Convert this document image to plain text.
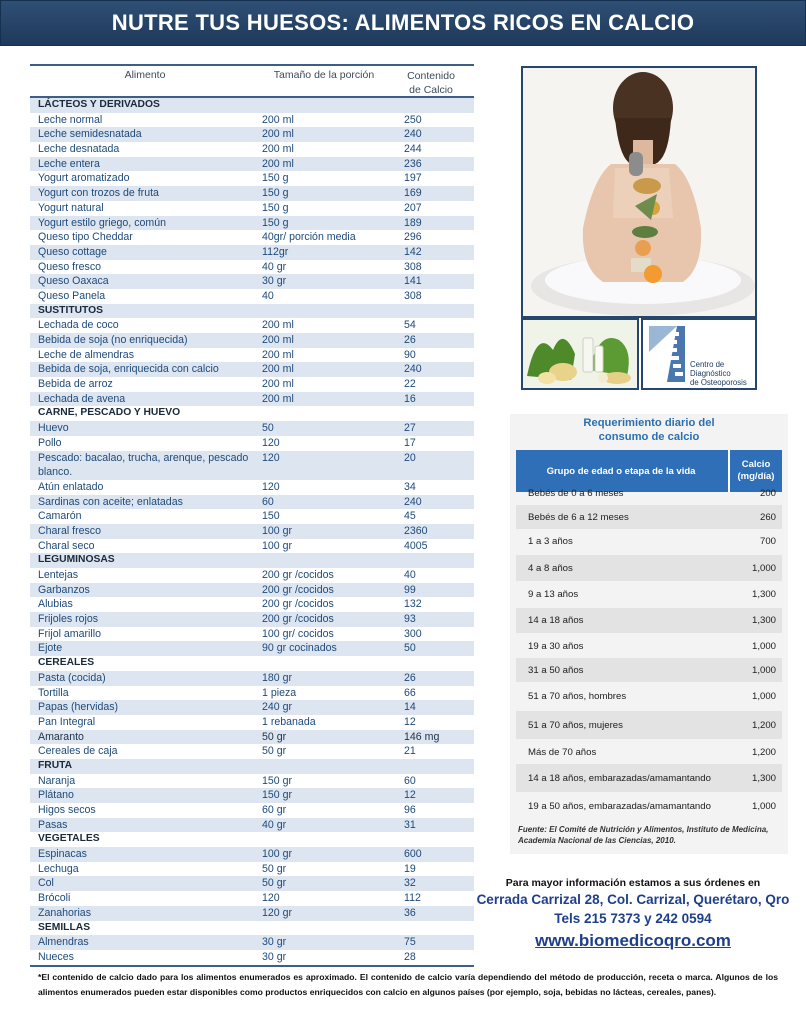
NUTRE TUS HUESOS: ALIMENTOS RICOS EN CALCIO
Alimento	Tamaño de la porción	Contenido
de Calcio
LÁCTEOS Y DERIVADOS
Leche normal	200 ml	250
Leche semidesnatada	200 ml	240
Leche desnatada	200 ml	244
Leche entera	200 ml	236
Yogurt aromatizado	150 g	197
Yogurt con trozos de fruta	150 g	169
Yogurt natural	150 g	207
Yogurt estilo griego, común	150 g	189
Queso tipo Cheddar	40gr/ porción media	296
Queso cottage	112gr	142
Queso fresco	40 gr	308
Queso Oaxaca	30 gr	141
Queso Panela	40	308
SUSTITUTOS
Lechada de coco	200 ml	54
Bebida de soja (no enriquecida)	200 ml	26
Leche de almendras	200 ml	90
Bebida de soja, enriquecida con calcio	200 ml	240
Bebida de arroz	200 ml	22
Lechada de avena	200 ml	16
CARNE, PESCADO Y HUEVO
Huevo	50	27
Pollo	120	17
Pescado: bacalao, trucha, arenque, pescado blanco.
120	20
Atún enlatado	120	34
Sardinas con aceite; enlatadas	60	240
Camarón	150	45
Charal fresco	100 gr	2360
Charal seco	100 gr	4005
LEGUMINOSAS
Lentejas	200 gr /cocidos	40
Garbanzos	200 gr /cocidos	99
Alubias	200 gr /cocidos	132
Frijoles rojos	200 gr /cocidos	93
Frijol amarillo	100 gr/ cocidos	300
Ejote	90 gr cocinados	50
CEREALES
Pasta (cocida)	180 gr	26
Tortilla	1 pieza	66
Papas (hervidas)	240 gr	14
Pan Integral	1 rebanada	12
Amaranto	50 gr	146 mg
Cereales de caja	50 gr	21
FRUTA
Naranja	150 gr	60
Plátano	150 gr	12
Higos secos	60 gr	96
Pasas	40 gr	31
VEGETALES
Espinacas	100 gr	600
Lechuga	50 gr	19
Col	50 gr	32
Brócoli	120	112
Zanahorias	120 gr	36
SEMILLAS
Almendras	30 gr	75
Nueces	30 gr	28
Centro de
Diagnóstico
de Osteoporosis
Requerimiento diario del
consumo de calcio
Grupo de edad o etapa de la vida
Calcio
(mg/día)
Bebés de 0 a 6 meses	200
Bebés de 6 a 12 meses	260
1 a 3 años	700
4 a 8 años	1,000
9 a 13 años	1,300
14 a 18 años	1,300
19 a 30 años	1,000
31 a 50 años	1,000
51 a 70 años, hombres	1,000
51 a 70 años, mujeres	1,200
Más de 70 años	1,200
14 a 18 años, embarazadas/amamantando	1,300
19 a 50 años, embarazadas/amamantando	1,000
Fuente: El Comité de Nutrición y Alimentos, Instituto de Medicina, Academia Nacional de las Ciencias, 2010.
Para mayor información estamos a sus órdenes en
Cerrada Carrizal 28, Col. Carrizal, Querétaro, Qro
Tels 215 7373 y 242 0594
www.biomedicoqro.com
*El contenido de calcio dado para los alimentos enumerados es aproximado. El contenido de calcio varía dependiendo del método de producción, receta o marca. Algunos de los alimentos enumerados pueden estar disponibles como productos enriquecidos con calcio en algunos países (por ejemplo, soja, bebidas no lácteas, cereales, panes).
